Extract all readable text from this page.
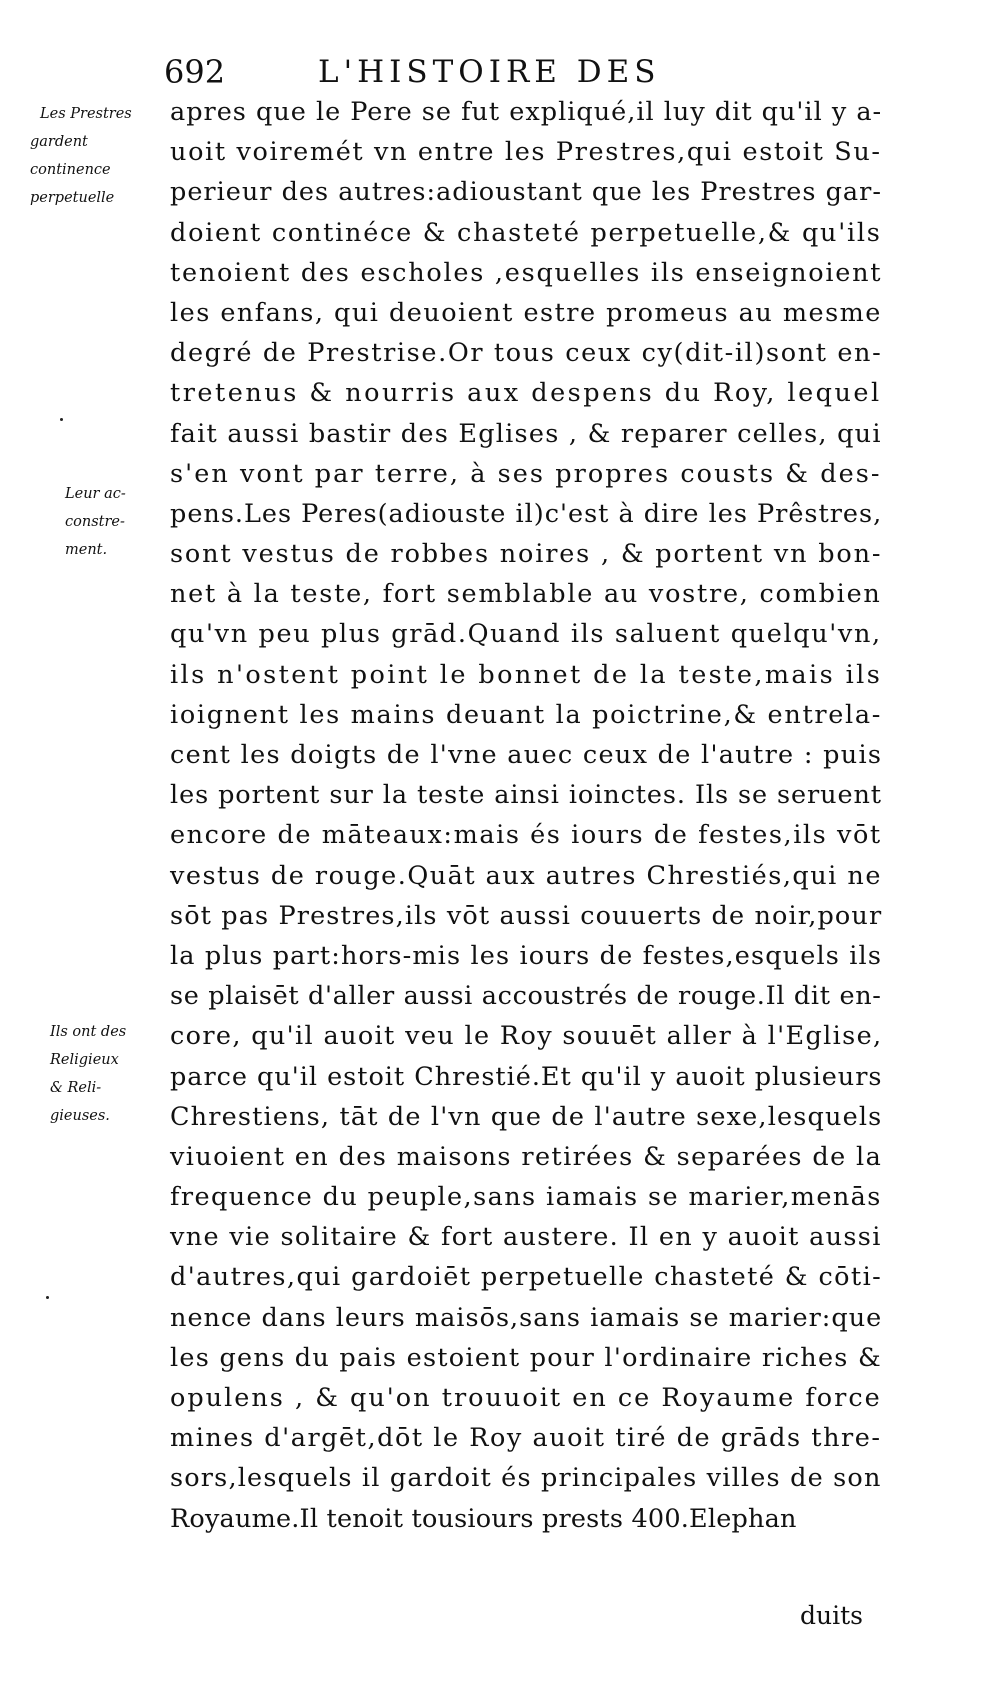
692	L'HISTOIRE DES
Les Prestres
gardent
continence
perpetuelle
Leur ac-
constre-
ment.
Ils ont des
Religieux
& Reli-
gieuses.
apres que le Pere se fut expliqué,il luy dit qu'il y a-
uoit voiremét vn entre les Prestres,qui estoit Su-
perieur des autres:adioustant que les Prestres gar-
doient continéce & chasteté perpetuelle,& qu'ils
tenoient des escholes ,esquelles ils enseignoient
les enfans, qui deuoient estre promeus au mesme
degré de Prestrise.Or tous ceux cy(dit-il)sont en-
tretenus & nourris aux despens du Roy, lequel
fait aussi bastir des Eglises , & reparer celles, qui
s'en vont par terre, à ses propres cousts & des-
pens.Les Peres(adiouste il)c'est à dire les Prêstres,
sont vestus de robbes noires , & portent vn bon-
net à la teste, fort semblable au vostre, combien
qu'vn peu plus grād.Quand ils saluent quelqu'vn,
ils n'ostent point le bonnet de la teste,mais ils
ioignent les mains deuant la poictrine,& entrela-
cent les doigts de l'vne auec ceux de l'autre : puis
les portent sur la teste ainsi ioinctes. Ils se seruent
encore de māteaux:mais és iours de festes,ils vōt
vestus de rouge.Quāt aux autres Chrestiés,qui ne
sōt pas Prestres,ils vōt aussi couuerts de noir,pour
la plus part:hors-mis les iours de festes,esquels ils
se plaisēt d'aller aussi accoustrés de rouge.Il dit en-
core, qu'il auoit veu le Roy souuēt aller à l'Eglise,
parce qu'il estoit Chrestié.Et qu'il y auoit plusieurs
Chrestiens, tāt de l'vn que de l'autre sexe,lesquels
viuoient en des maisons retirées & separées de la
frequence du peuple,sans iamais se marier,menās
vne vie solitaire & fort austere. Il en y auoit aussi
d'autres,qui gardoiēt perpetuelle chasteté & cōti-
nence dans leurs maisōs,sans iamais se marier:que
les gens du pais estoient pour l'ordinaire riches &
opulens , & qu'on trouuoit en ce Royaume force
mines d'argēt,dōt le Roy auoit tiré de grāds thre-
sors,lesquels il gardoit és principales villes de son
Royaume.Il tenoit tousiours prests 400.Elephan
duits
